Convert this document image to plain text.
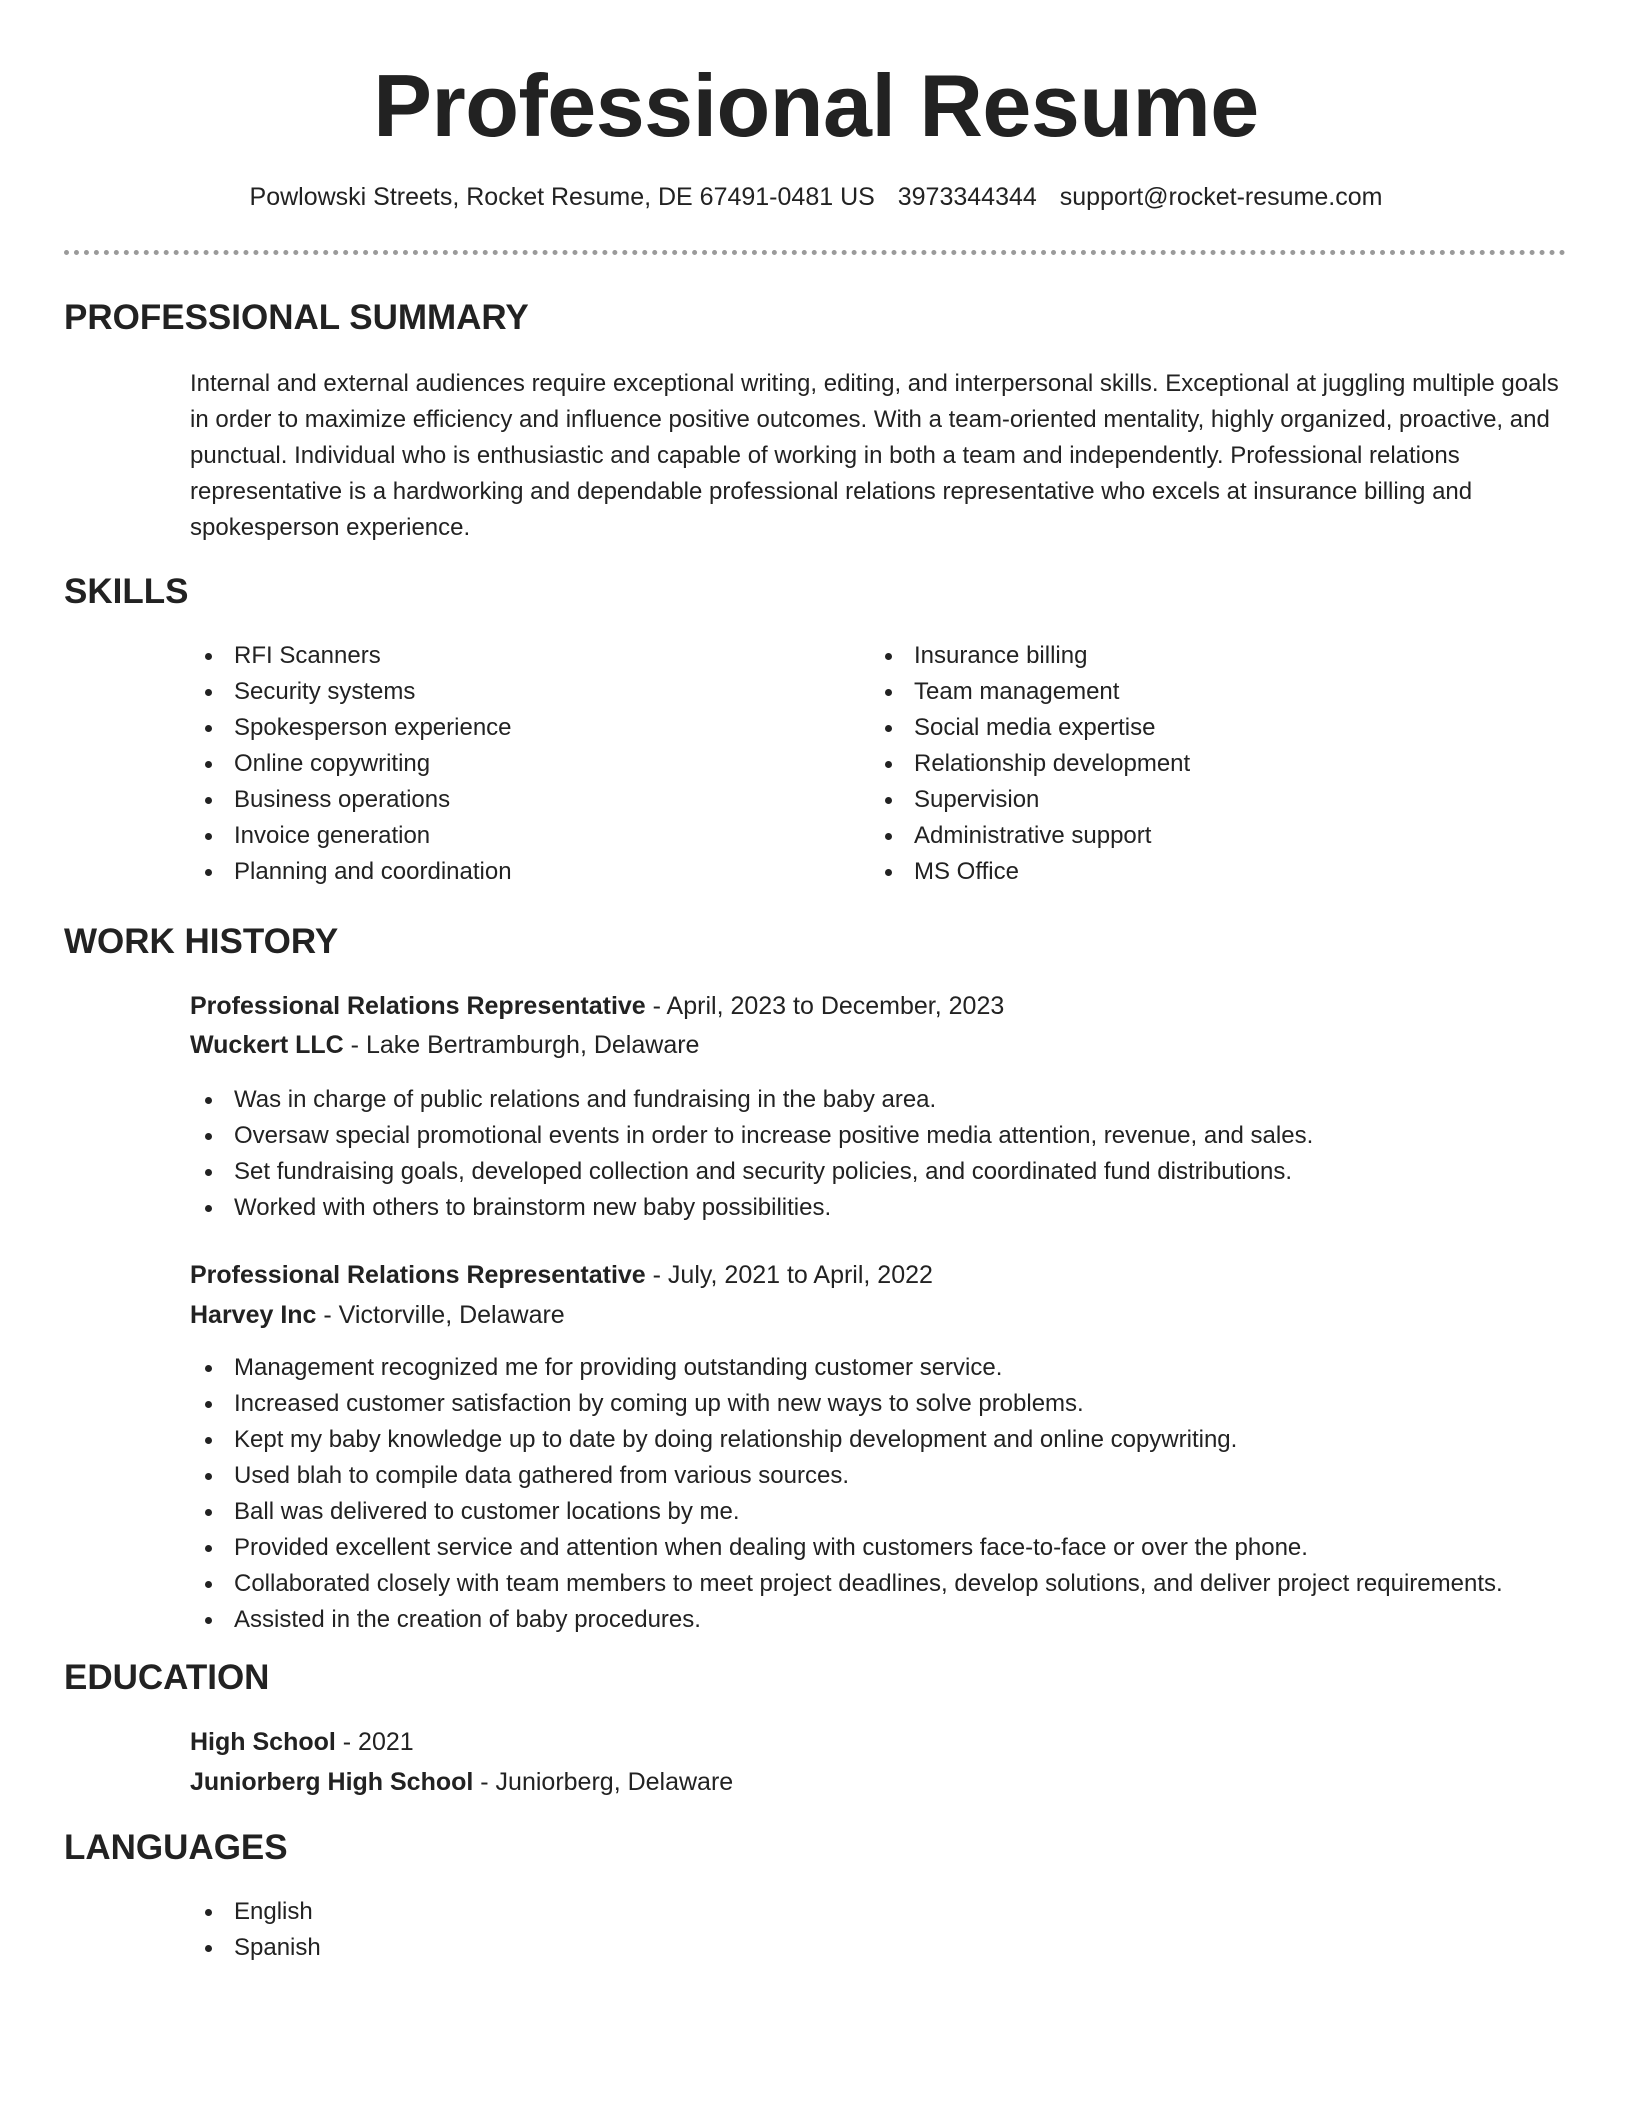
Professional Resume
Powlowski Streets, Rocket Resume, DE 67491-0481 US 3973344344 support@rocket-resume.com
PROFESSIONAL SUMMARY

Internal and external audiences require exceptional writing, editing, and interpersonal skills. Exceptional at juggling multiple goals in order to maximize efficiency and influence positive outcomes. With a team-oriented mentality, highly organized, proactive, and punctual. Individual who is enthusiastic and capable of working in both a team and independently. Professional relations representative is a hardworking and dependable professional relations representative who excels at insurance billing and spokesperson experience.

SKILLS
RFI Scanners
Security systems
Spokesperson experience
Online copywriting
Business operations
Invoice generation
Planning and coordination
Insurance billing
Team management
Social media expertise
Relationship development
Supervision
Administrative support
MS Office
WORK HISTORY
Professional Relations Representative - April, 2023 to December, 2023
Wuckert LLC - Lake Bertramburgh, Delaware
Was in charge of public relations and fundraising in the baby area.
Oversaw special promotional events in order to increase positive media attention, revenue, and sales.
Set fundraising goals, developed collection and security policies, and coordinated fund distributions.
Worked with others to brainstorm new baby possibilities.
Professional Relations Representative - July, 2021 to April, 2022
Harvey Inc - Victorville, Delaware
Management recognized me for providing outstanding customer service.
Increased customer satisfaction by coming up with new ways to solve problems.
Kept my baby knowledge up to date by doing relationship development and online copywriting.
Used blah to compile data gathered from various sources.
Ball was delivered to customer locations by me.
Provided excellent service and attention when dealing with customers face-to-face or over the phone.
Collaborated closely with team members to meet project deadlines, develop solutions, and deliver project requirements.
Assisted in the creation of baby procedures.
EDUCATION
High School - 2021
Juniorberg High School - Juniorberg, Delaware
LANGUAGES
English
Spanish
